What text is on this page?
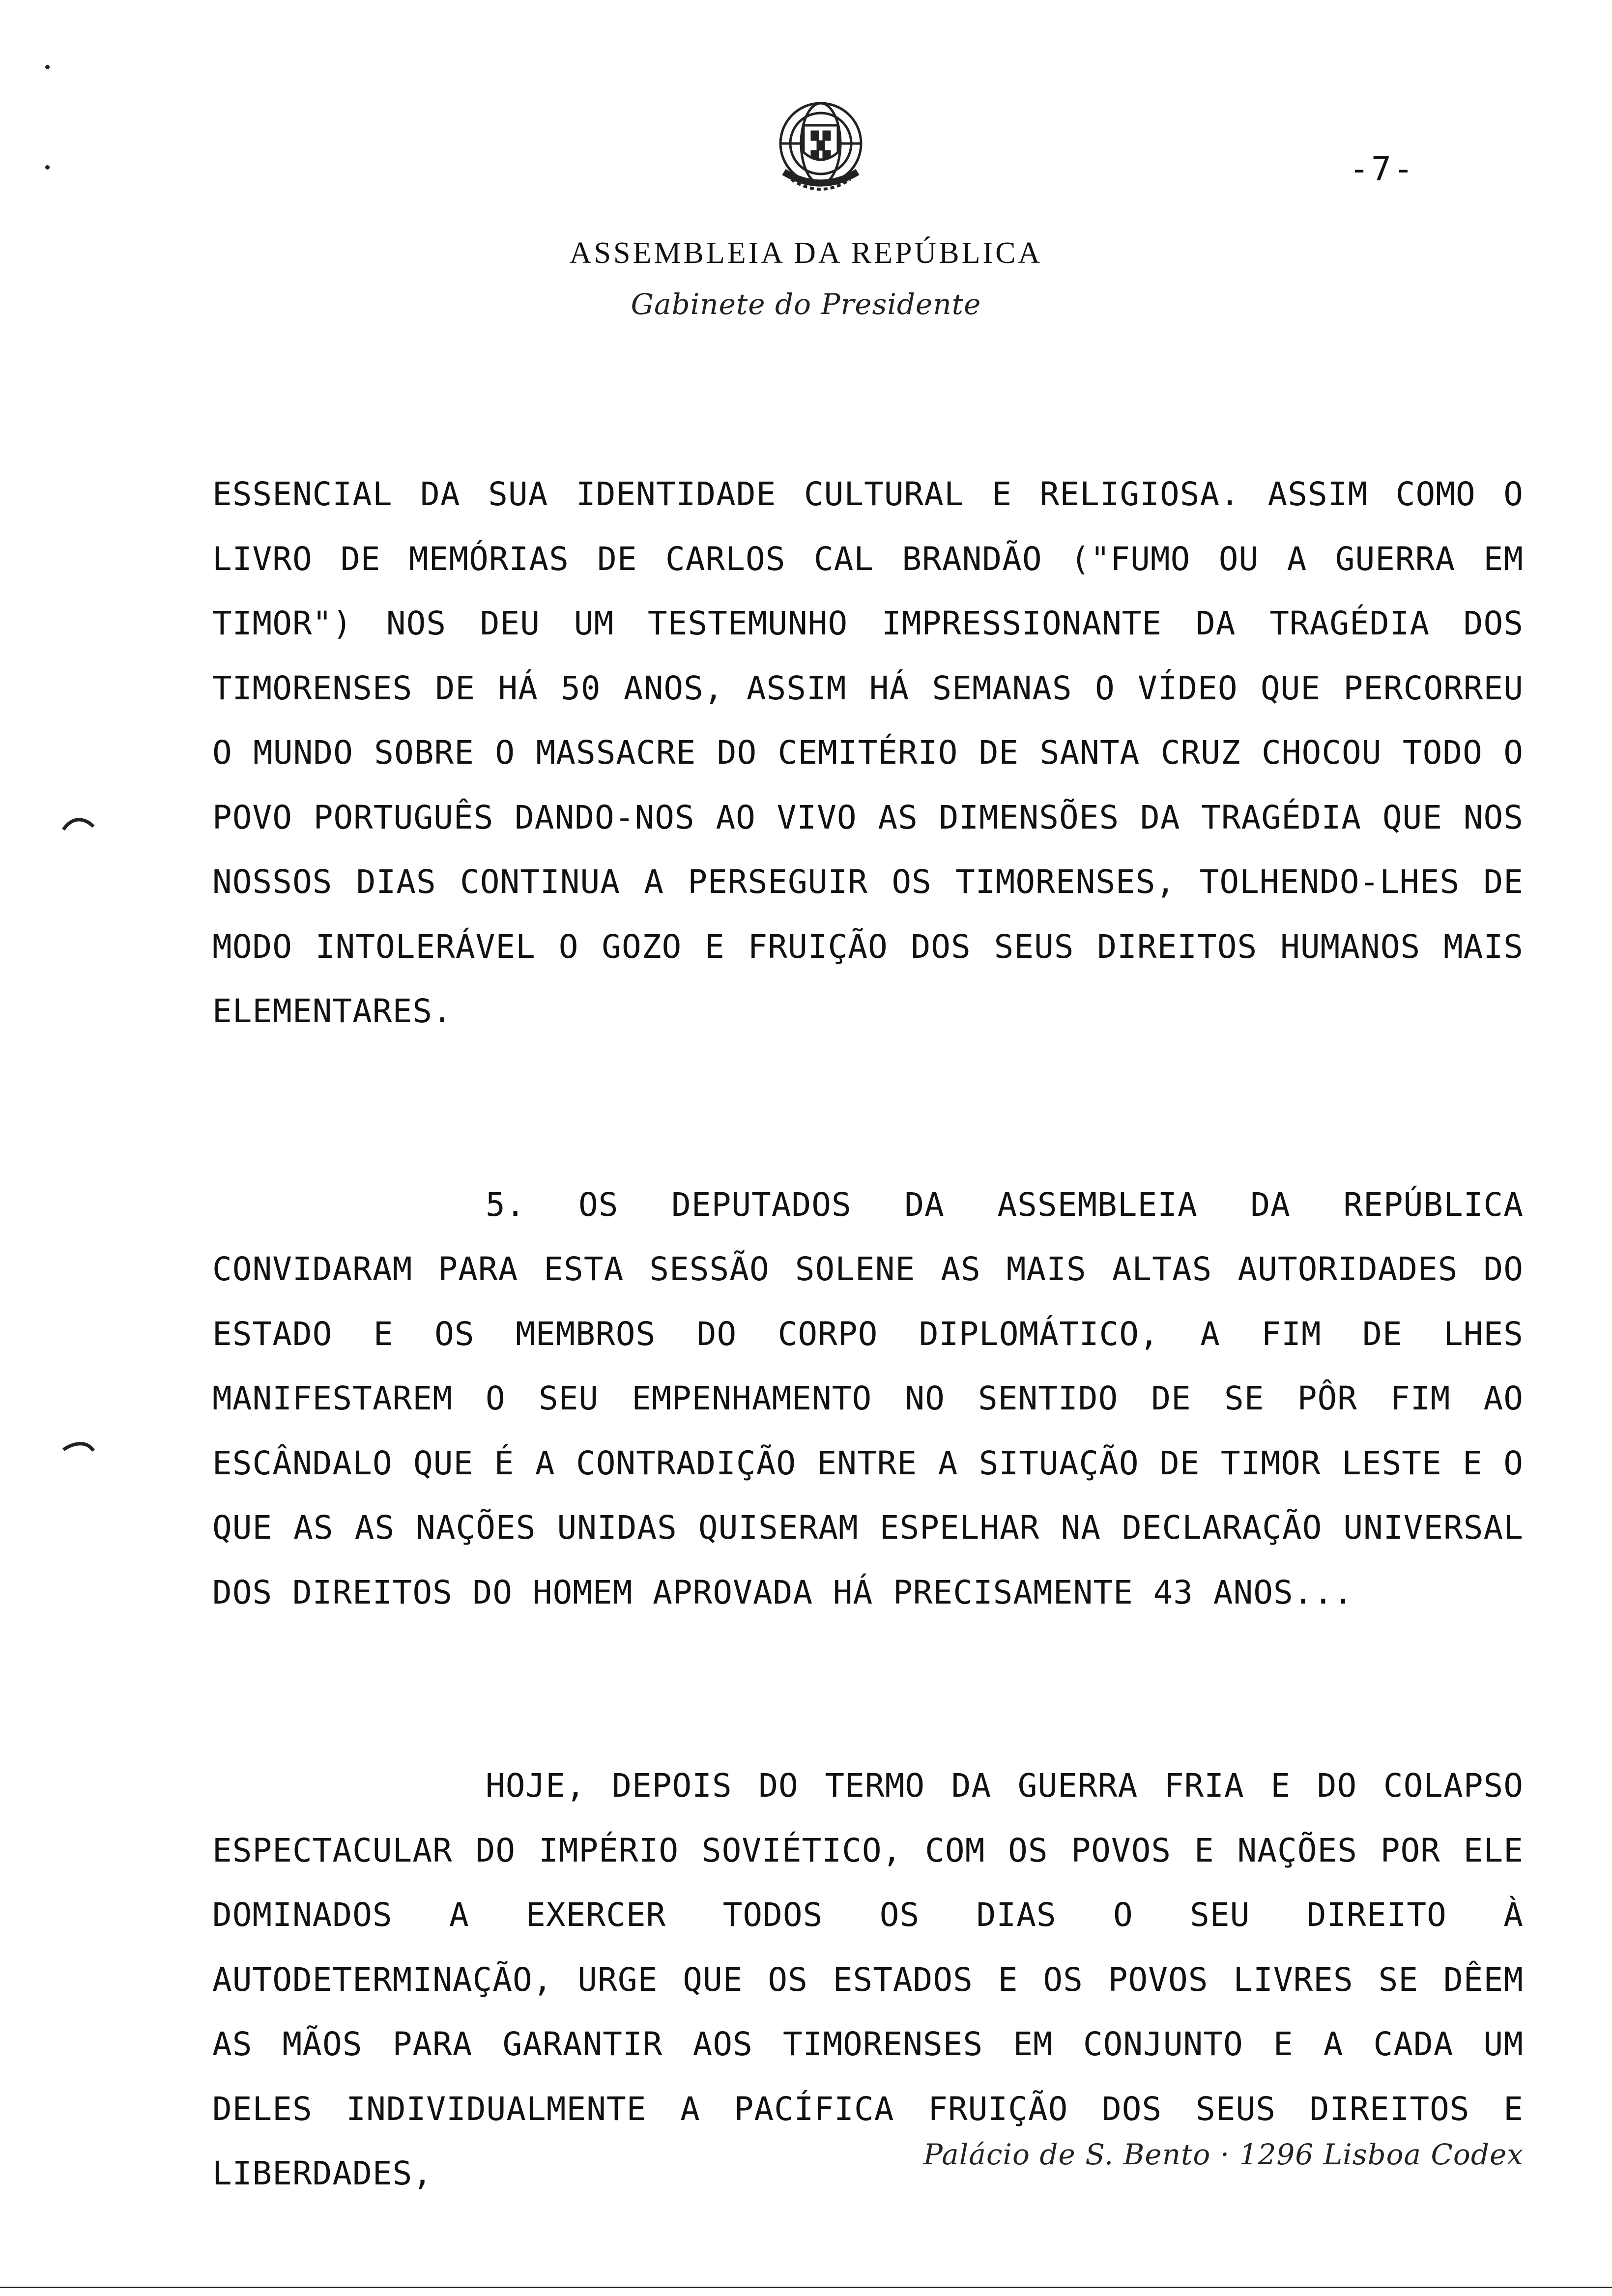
-7-
ASSEMBLEIA DA REPÚBLICA
Gabinete do Presidente

ESSENCIAL DA SUA IDENTIDADE CULTURAL E RELIGIOSA. ASSIM COMO O LIVRO DE MEMÓRIAS DE CARLOS CAL BRANDÃO ("FUMO OU A GUERRA EM TIMOR") NOS DEU UM TESTEMUNHO IMPRESSIONANTE DA TRAGÉDIA DOS TIMORENSES DE HÁ 50 ANOS, ASSIM HÁ SEMANAS O VÍDEO QUE PERCORREU O MUNDO SOBRE O MASSACRE DO CEMITÉRIO DE SANTA CRUZ CHOCOU TODO O POVO PORTUGUÊS DANDO-NOS AO VIVO AS DIMENSÕES DA TRAGÉDIA QUE NOS NOSSOS DIAS CONTINUA A PERSEGUIR OS TIMORENSES, TOLHENDO-LHES DE MODO INTOLERÁVEL O GOZO E FRUIÇÃO DOS SEUS DIREITOS HUMANOS MAIS ELEMENTARES.

5. OS DEPUTADOS DA ASSEMBLEIA DA REPÚBLICA CONVIDARAM PARA ESTA SESSÃO SOLENE AS MAIS ALTAS AUTORIDADES DO ESTADO E OS MEMBROS DO CORPO DIPLOMÁTICO, A FIM DE LHES MANIFESTAREM O SEU EMPENHAMENTO NO SENTIDO DE SE PÔR FIM AO ESCÂNDALO QUE É A CONTRADIÇÃO ENTRE A SITUAÇÃO DE TIMOR LESTE E O QUE AS AS NAÇÕES UNIDAS QUISERAM ESPELHAR NA DECLARAÇÃO UNIVERSAL DOS DIREITOS DO HOMEM APROVADA HÁ PRECISAMENTE 43 ANOS...

HOJE, DEPOIS DO TERMO DA GUERRA FRIA E DO COLAPSO ESPECTACULAR DO IMPÉRIO SOVIÉTICO, COM OS POVOS E NAÇÕES POR ELE DOMINADOS A EXERCER TODOS OS DIAS O SEU DIREITO À AUTODETERMINAÇÃO, URGE QUE OS ESTADOS E OS POVOS LIVRES SE DÊEM AS MÃOS PARA GARANTIR AOS TIMORENSES EM CONJUNTO E A CADA UM DELES INDIVIDUALMENTE A PACÍFICA FRUIÇÃO DOS SEUS DIREITOS E LIBERDADES,	Palácio de S. Bento · 1296 Lisboa Codex
